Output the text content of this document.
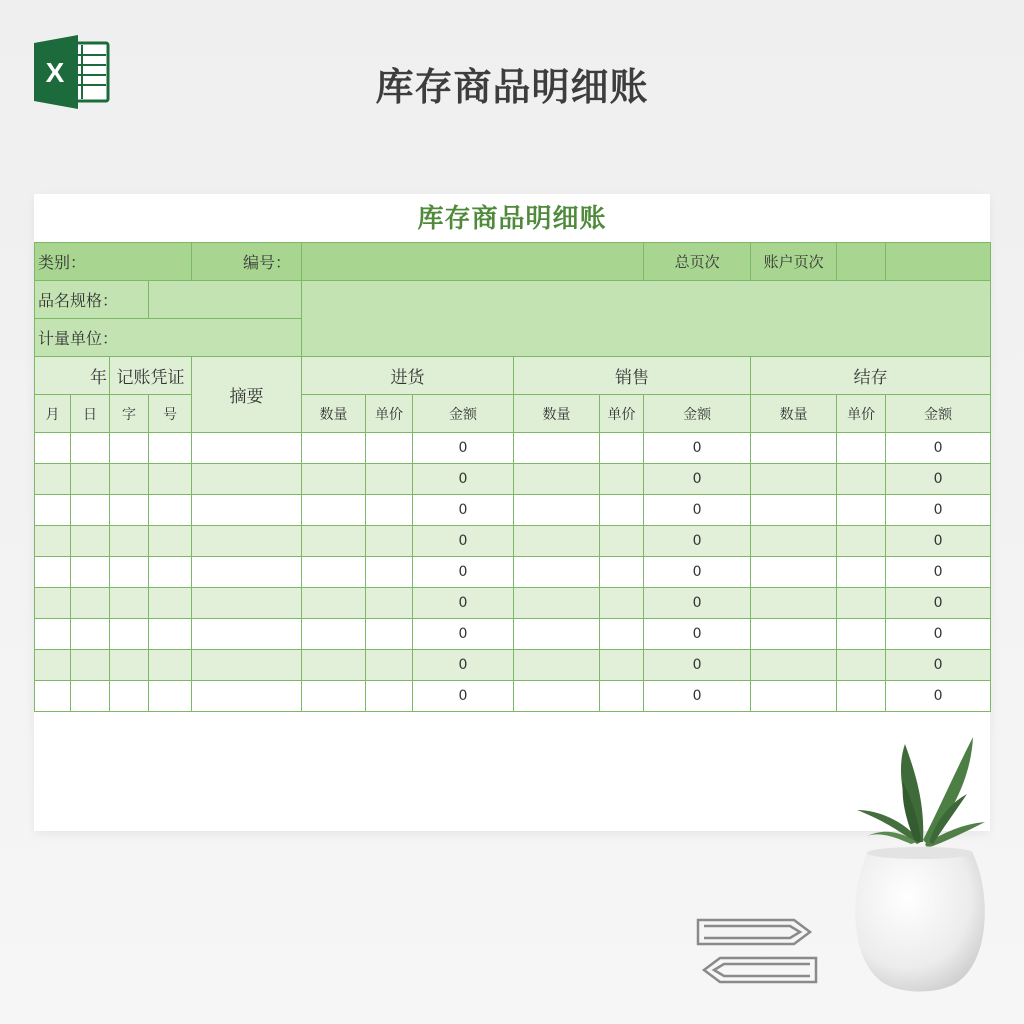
X	库存商品明细账
库存商品明细账
类别：				编号：						总页次	账户页次		
品名规格：													
计量单位：													
年		记账凭证		摘要	进货			销售			结存		
月	日	字	号		数量	单价	金额	数量	单价	金额	数量	单价	金额
							0			0			0
							0			0			0
							0			0			0
							0			0			0
							0			0			0
							0			0			0
							0			0			0
							0			0			0
							0			0			0
